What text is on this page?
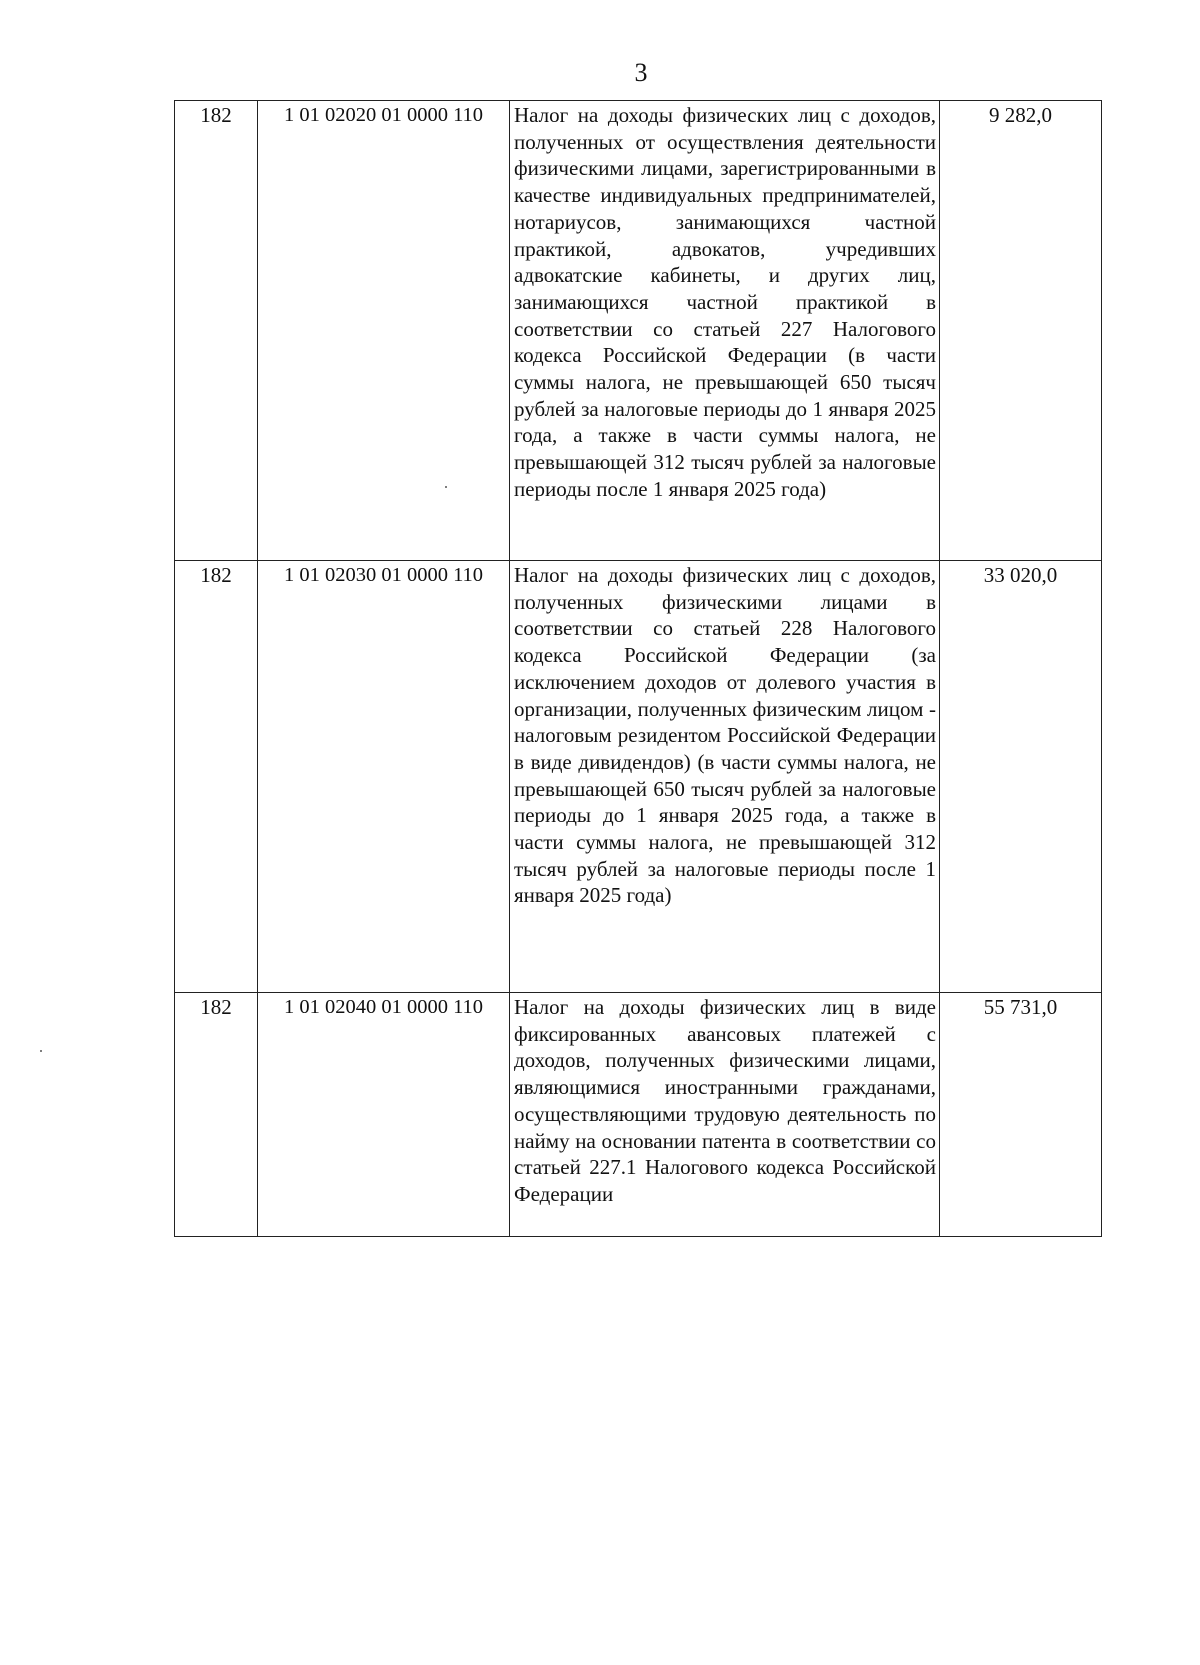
3
182	1 01 02020 01 0000 110	Налог на доходы физических лиц с доходов, полученных от осуществления деятельности физическими лицами, зарегистрированными в качестве индивидуальных предпринимателей, нотариусов, занимающихся частной практикой, адвокатов, учредивших адвокатские кабинеты, и других лиц, занимающихся частной практикой в соответствии со статьей 227 Налогового кодекса Российской Федерации (в части суммы налога, не превышающей 650 тысяч рублей за налоговые периоды до 1 января 2025 года, а также в части суммы налога, не превышающей 312 тысяч рублей за налоговые периоды после 1 января 2025 года)	9 282,0
182	1 01 02030 01 0000 110	Налог на доходы физических лиц с доходов, полученных физическими лицами в соответствии со статьей 228 Налогового кодекса Российской Федерации (за исключением доходов от долевого участия в организации, полученных физическим лицом - налоговым резидентом Российской Федерации в виде дивидендов) (в части суммы налога, не превышающей 650 тысяч рублей за налоговые периоды до 1 января 2025 года, а также в части суммы налога, не превышающей 312 тысяч рублей за налоговые периоды после 1 января 2025 года)	33 020,0
182	1 01 02040 01 0000 110	Налог на доходы физических лиц в виде фиксированных авансовых платежей с доходов, полученных физическими лицами, являющимися иностранными гражданами, осуществляющими трудовую деятельность по найму на основании патента в соответствии со статьей 227.1 Налогового кодекса Российской Федерации	55 731,0
